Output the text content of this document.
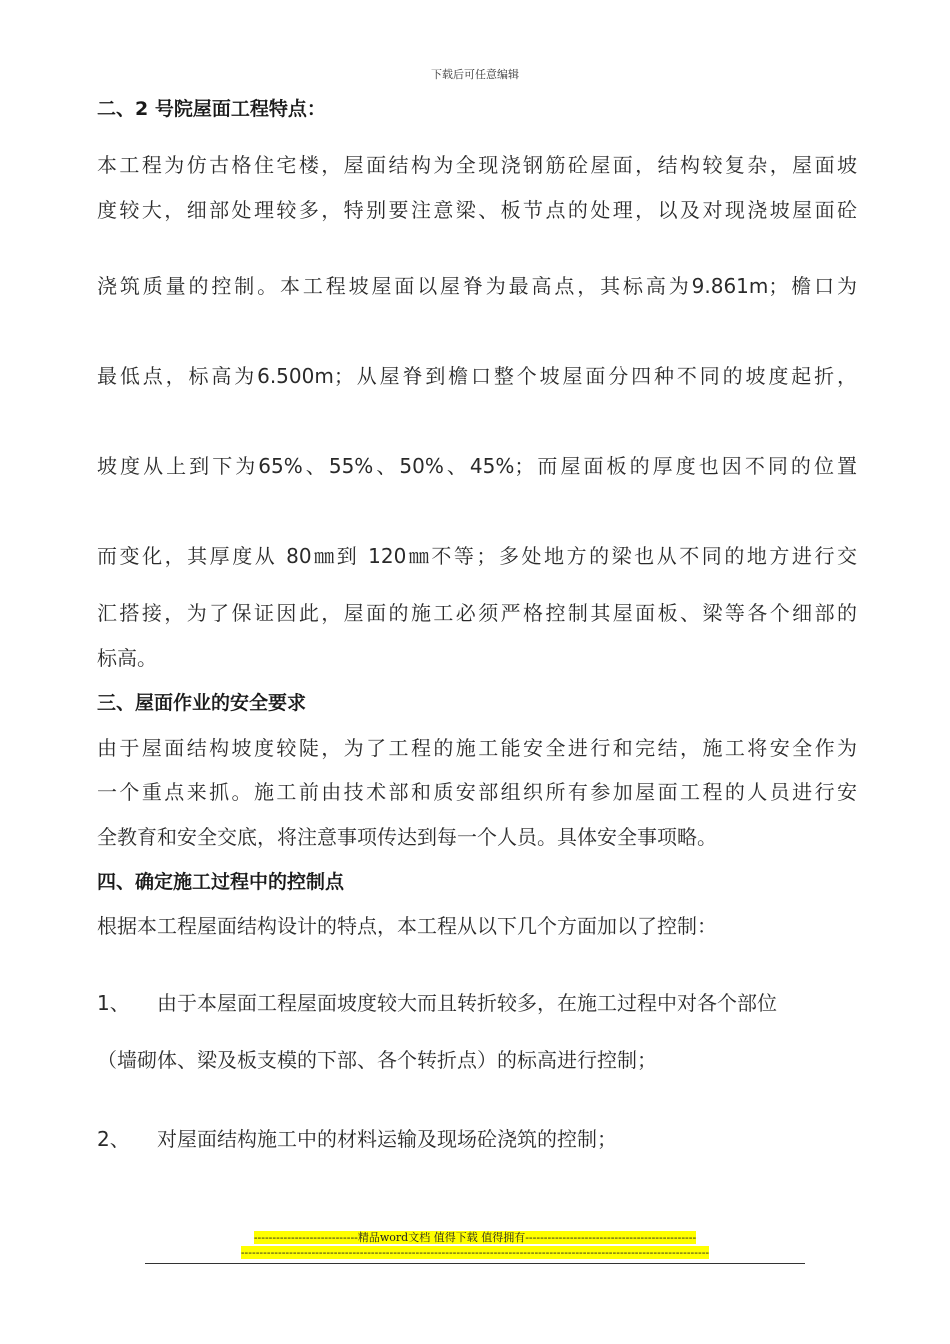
下载后可任意编辑
二、2 号院屋面工程特点：
本工程为仿古格住宅楼，屋面结构为全现浇钢筋砼屋面，结构较复杂，屋面坡
度较大，细部处理较多，特别要注意梁、板节点的处理，以及对现浇坡屋面砼
浇筑质量的控制。本工程坡屋面以屋脊为最高点，其标高为9.861m；檐口为
最低点，标高为6.500m；从屋脊到檐口整个坡屋面分四种不同的坡度起折，
坡度从上到下为65%、55%、50%、45%；而屋面板的厚度也因不同的位置
而变化，其厚度从 80㎜到 120㎜不等；多处地方的梁也从不同的地方进行交
汇搭接，为了保证因此，屋面的施工必须严格控制其屋面板、梁等各个细部的
标高。
三、屋面作业的安全要求
由于屋面结构坡度较陡，为了工程的施工能安全进行和完结，施工将安全作为
一个重点来抓。施工前由技术部和质安部组织所有参加屋面工程的人员进行安
全教育和安全交底，将注意事项传达到每一个人员。具体安全事项略。
四、确定施工过程中的控制点
根据本工程屋面结构设计的特点，本工程从以下几个方面加以了控制：
1、 由于本屋面工程屋面坡度较大而且转折较多，在施工过程中对各个部位
（墙砌体、梁及板支模的下部、各个转折点）的标高进行控制；
2、 对屋面结构施工中的材料运输及现场砼浇筑的控制；
----------------------------精品word文档 值得下载 值得拥有----------------------------------------------
------------------------------------------------------------------------------------------------------------------------------
